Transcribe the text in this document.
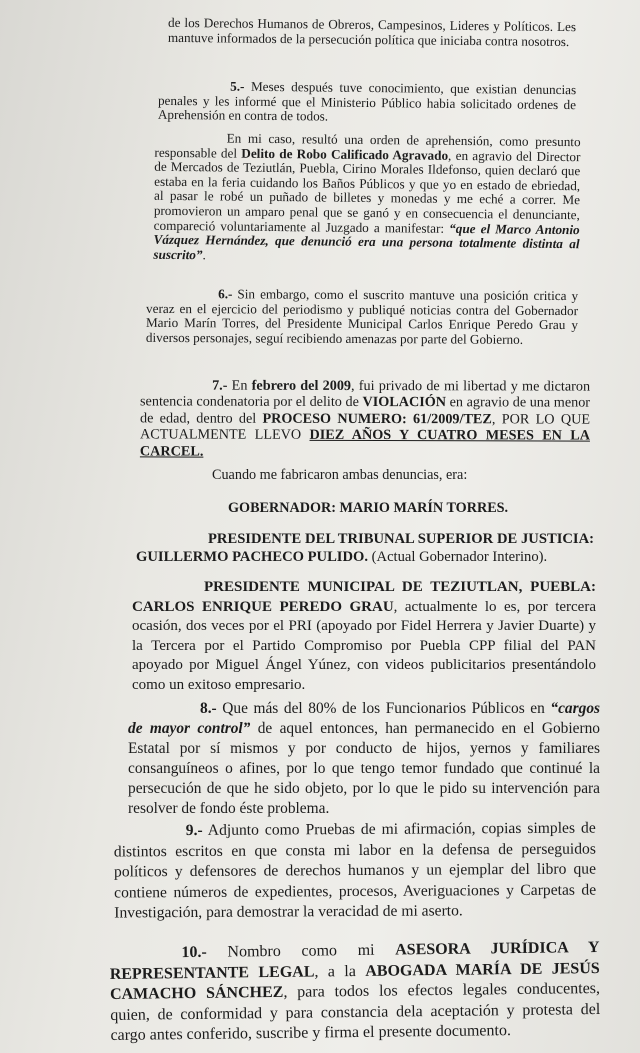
de los Derechos Humanos de Obreros, Campesinos, Lideres y Políticos. Les mantuve informados de la persecución política que iniciaba contra nosotros.

5.- Meses después tuve conocimiento, que existian denuncias penales y les informé que el Ministerio Público habia solicitado ordenes de Aprehensión en contra de todos.

En mi caso, resultó una orden de aprehensión, como presunto responsable del Delito de Robo Calificado Agravado, en agravio del Director de Mercados de Teziutlán, Puebla, Cirino Morales Ildefonso, quien declaró que estaba en la feria cuidando los Baños Públicos y que yo en estado de ebriedad, al pasar le robé un puñado de billetes y monedas y me eché a correr. Me promovieron un amparo penal que se ganó y en consecuencia el denunciante, compareció voluntariamente al Juzgado a manifestar: “que el Marco Antonio Vázquez Hernández, que denunció era una persona totalmente distinta al suscrito”.

6.- Sin embargo, como el suscrito mantuve una posición critica y veraz en el ejercicio del periodismo y publiqué noticias contra del Gobernador Mario Marín Torres, del Presidente Municipal Carlos Enrique Peredo Grau y diversos personajes, seguí recibiendo amenazas por parte del Gobierno.

7.- En febrero del 2009, fui privado de mi libertad y me dictaron sentencia condenatoria por el delito de VIOLACIÓN en agravio de una menor de edad, dentro del PROCESO NUMERO: 61/2009/TEZ, POR LO QUE ACTUALMENTE LLEVO DIEZ AÑOS Y CUATRO MESES EN LA CARCEL.

Cuando me fabricaron ambas denuncias, era:

GOBERNADOR: MARIO MARÍN TORRES.

PRESIDENTE DEL TRIBUNAL SUPERIOR DE JUSTICIA: GUILLERMO PACHECO PULIDO. (Actual Gobernador Interino).

PRESIDENTE MUNICIPAL DE TEZIUTLAN, PUEBLA: CARLOS ENRIQUE PEREDO GRAU, actualmente lo es, por tercera ocasión, dos veces por el PRI (apoyado por Fidel Herrera y Javier Duarte) y la Tercera por el Partido Compromiso por Puebla CPP filial del PAN apoyado por Miguel Ángel Yúnez, con videos publicitarios presentándolo como un exitoso empresario.

8.- Que más del 80% de los Funcionarios Públicos en “cargos de mayor control” de aquel entonces, han permanecido en el Gobierno Estatal por sí mismos y por conducto de hijos, yernos y familiares consanguíneos o afines, por lo que tengo temor fundado que continué la persecución de que he sido objeto, por lo que le pido su intervención para resolver de fondo éste problema.

9.- Adjunto como Pruebas de mi afirmación, copias simples de distintos escritos en que consta mi labor en la defensa de perseguidos políticos y defensores de derechos humanos y un ejemplar del libro que contiene números de expedientes, procesos, Averiguaciones y Carpetas de Investigación, para demostrar la veracidad de mi aserto.

10.- Nombro como mi ASESORA JURÍDICA Y REPRESENTANTE LEGAL, a la ABOGADA MARÍA DE JESÚS CAMACHO SÁNCHEZ, para todos los efectos legales conducentes, quien, de conformidad y para constancia dela aceptación y protesta del cargo antes conferido, suscribe y firma el presente documento.
